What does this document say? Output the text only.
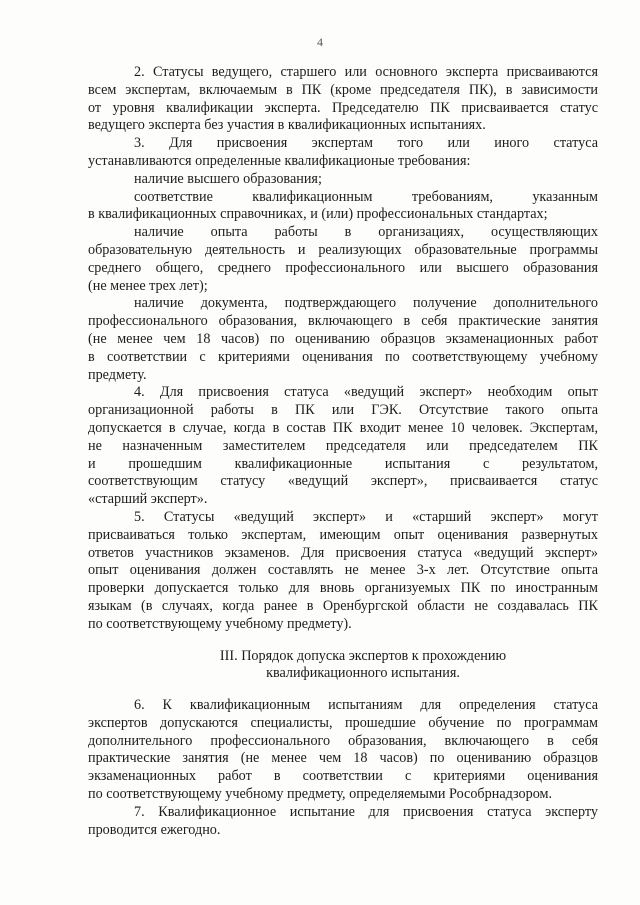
4
2. Статусы ведущего, старшего или основного эксперта присваиваются
всем экспертам, включаемым в ПК (кроме председателя ПК), в зависимости
от уровня квалификации эксперта. Председателю ПК присваивается статус
ведущего эксперта без участия в квалификационных испытаниях.
3. Для присвоения экспертам того или иного статуса
устанавливаются определенные квалификационые требования:
наличие высшего образования;
соответствие квалификационным требованиям, указанным
в квалификационных справочниках, и (или) профессиональных стандартах;
наличие опыта работы в организациях, осуществляющих
образовательную деятельность и реализующих образовательные программы
среднего общего, среднего профессионального или высшего образования
(не менее трех лет);
наличие документа, подтверждающего получение дополнительного
профессионального образования, включающего в себя практические занятия
(не менее чем 18 часов) по оцениванию образцов экзаменационных работ
в соответствии с критериями оценивания по соответствующему учебному
предмету.
4. Для присвоения статуса «ведущий эксперт» необходим опыт
организационной работы в ПК или ГЭК. Отсутствие такого опыта
допускается в случае, когда в состав ПК входит менее 10 человек. Экспертам,
не назначенным заместителем председателя или председателем ПК
и прошедшим квалификационные испытания с результатом,
соответствующим статусу «ведущий эксперт», присваивается статус
«старший эксперт».
5. Статусы «ведущий эксперт» и «старший эксперт» могут
присваиваться только экспертам, имеющим опыт оценивания развернутых
ответов участников экзаменов. Для присвоения статуса «ведущий эксперт»
опыт оценивания должен составлять не менее 3-х лет. Отсутствие опыта
проверки допускается только для вновь организуемых ПК по иностранным
языкам (в случаях, когда ранее в Оренбургской области не создавалась ПК
по соответствующему учебному предмету).
III. Порядок допуска экспертов к прохождению
квалификационного испытания.
6. К квалификационным испытаниям для определения статуса
экспертов допускаются специалисты, прошедшие обучение по программам
дополнительного профессионального образования, включающего в себя
практические занятия (не менее чем 18 часов) по оцениванию образцов
экзаменационных работ в соответствии с критериями оценивания
по соответствующему учебному предмету, определяемыми Рособрнадзором.
7. Квалификационное испытание для присвоения статуса эксперту
проводится ежегодно.
